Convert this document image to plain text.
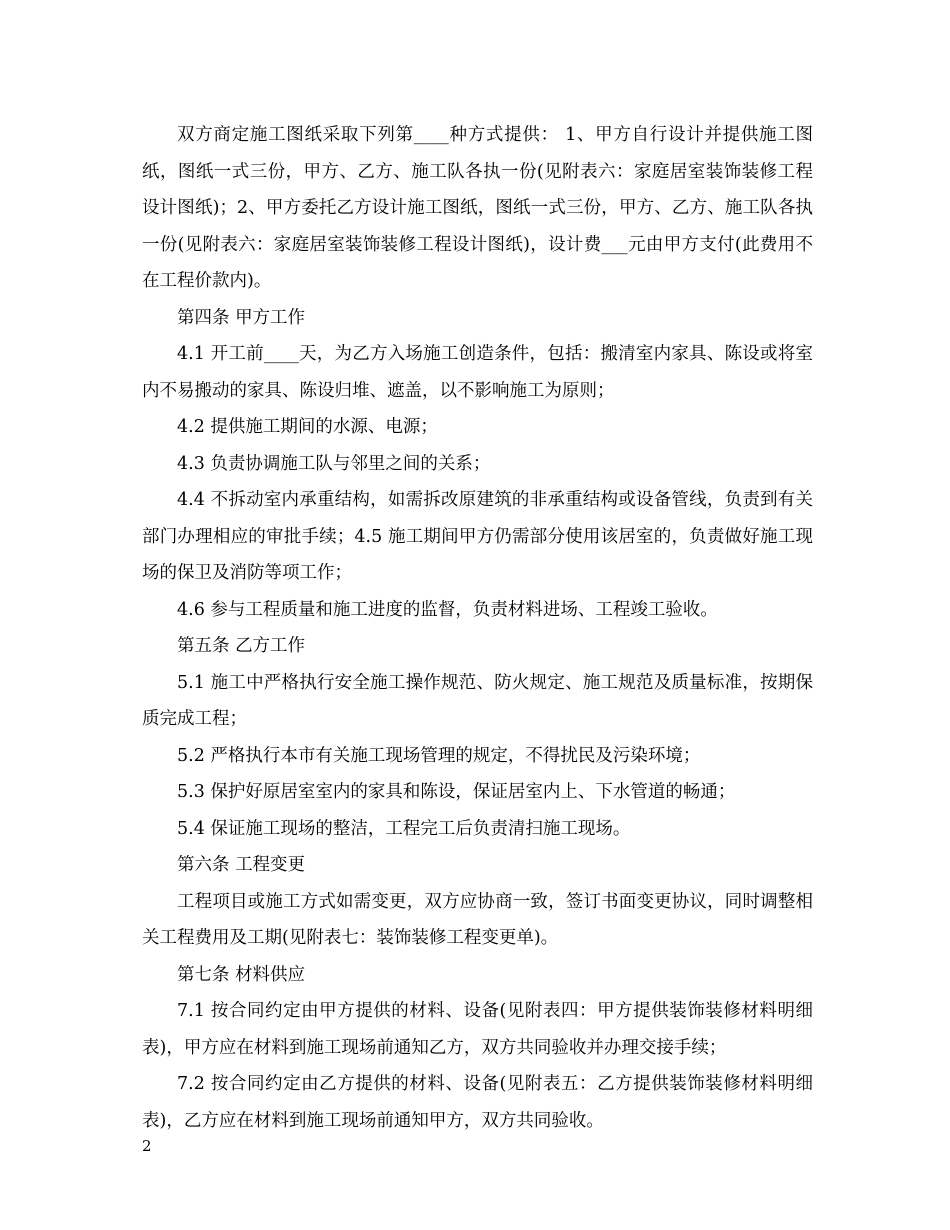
双方商定施工图纸采取下列第____种方式提供： 1、甲方自行设计并提供施工图纸，图纸一式三份，甲方、乙方、施工队各执一份(见附表六：家庭居室装饰装修工程设计图纸)；2、甲方委托乙方设计施工图纸，图纸一式三份，甲方、乙方、施工队各执一份(见附表六：家庭居室装饰装修工程设计图纸)，设计费___元由甲方支付(此费用不在工程价款内)。

第四条 甲方工作

4.1 开工前____天，为乙方入场施工创造条件，包括：搬清室内家具、陈设或将室内不易搬动的家具、陈设归堆、遮盖，以不影响施工为原则；

4.2 提供施工期间的水源、电源；

4.3 负责协调施工队与邻里之间的关系；

4.4 不拆动室内承重结构，如需拆改原建筑的非承重结构或设备管线，负责到有关部门办理相应的审批手续；4.5 施工期间甲方仍需部分使用该居室的，负责做好施工现场的保卫及消防等项工作；

4.6 参与工程质量和施工进度的监督，负责材料进场、工程竣工验收。

第五条 乙方工作

5.1 施工中严格执行安全施工操作规范、防火规定、施工规范及质量标准，按期保质完成工程；

5.2 严格执行本市有关施工现场管理的规定，不得扰民及污染环境；

5.3 保护好原居室室内的家具和陈设，保证居室内上、下水管道的畅通；

5.4 保证施工现场的整洁，工程完工后负责清扫施工现场。

第六条 工程变更

工程项目或施工方式如需变更，双方应协商一致，签订书面变更协议，同时调整相关工程费用及工期(见附表七：装饰装修工程变更单)。

第七条 材料供应

7.1 按合同约定由甲方提供的材料、设备(见附表四：甲方提供装饰装修材料明细表)，甲方应在材料到施工现场前通知乙方，双方共同验收并办理交接手续；

7.2 按合同约定由乙方提供的材料、设备(见附表五：乙方提供装饰装修材料明细表)，乙方应在材料到施工现场前通知甲方，双方共同验收。

2
